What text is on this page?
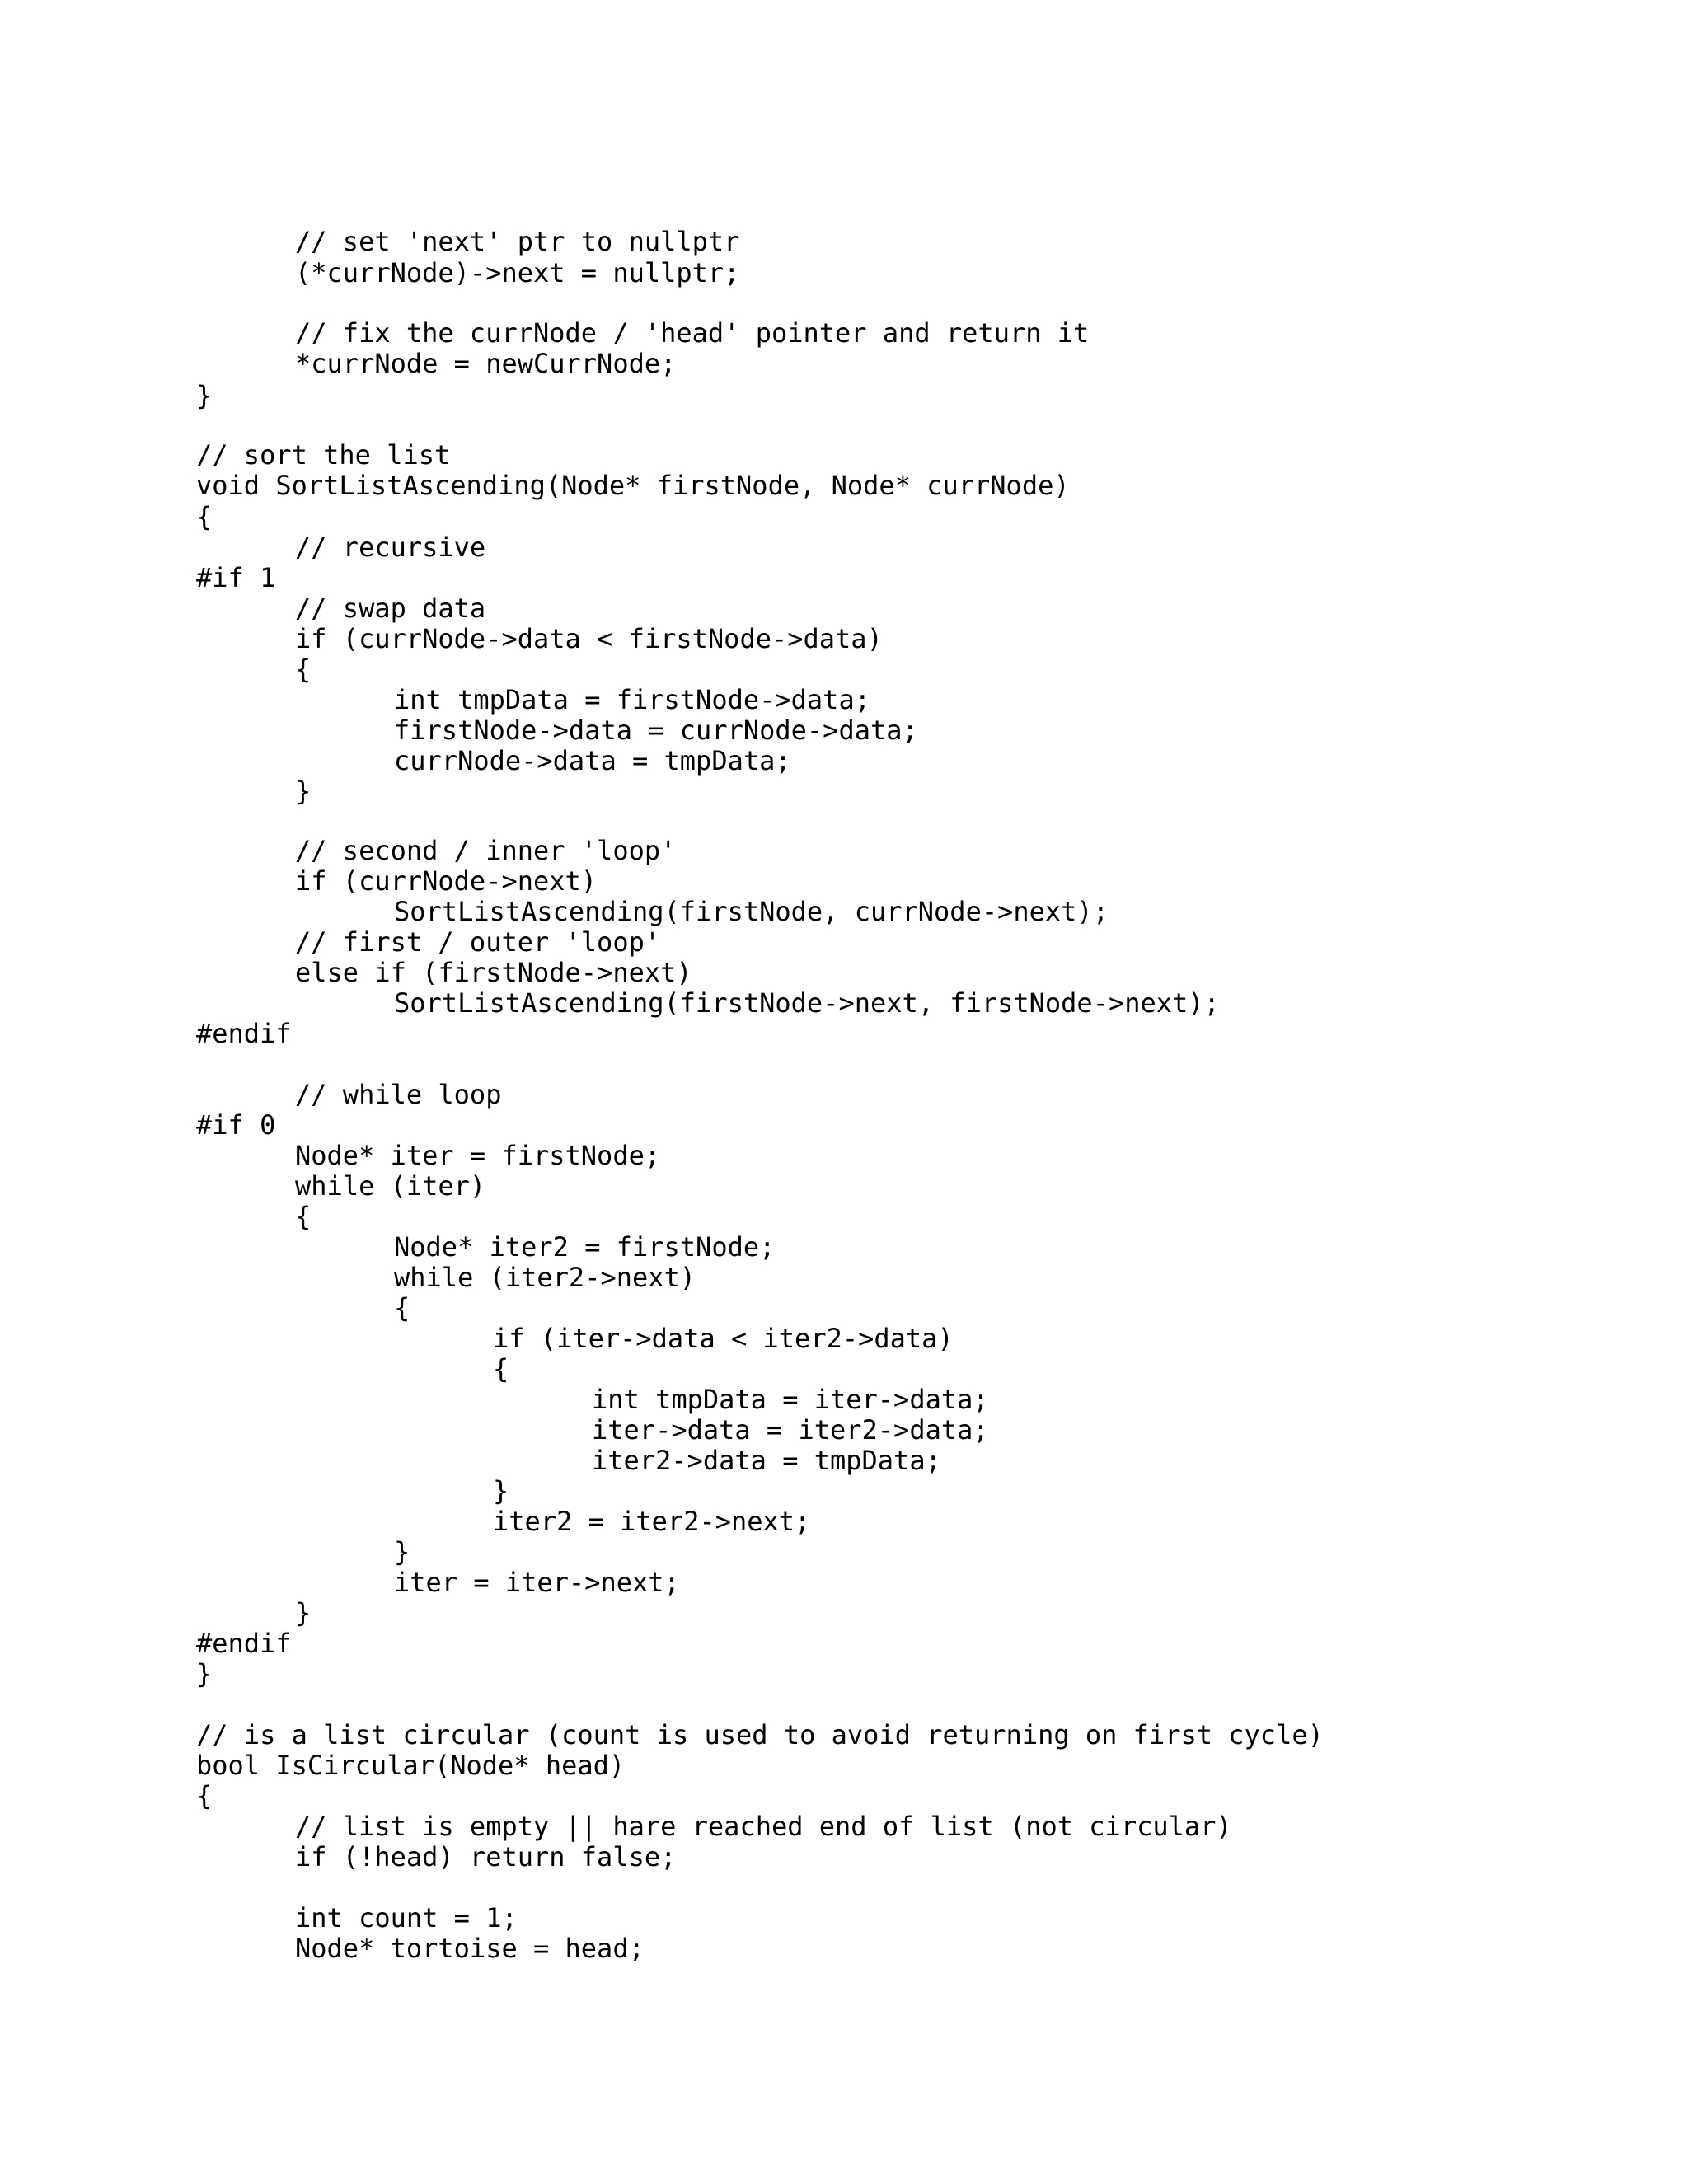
// set 'next' ptr to nullptr
(*currNode)->next = nullptr;
// fix the currNode / 'head' pointer and return it
*currNode = newCurrNode;
}
// sort the list
void SortListAscending(Node* firstNode, Node* currNode)
{
// recursive
#if 1
// swap data
if (currNode->data < firstNode->data)
{
int tmpData = firstNode->data;
firstNode->data = currNode->data;
currNode->data = tmpData;
}
// second / inner 'loop'
if (currNode->next)
SortListAscending(firstNode, currNode->next);
// first / outer 'loop'
else if (firstNode->next)
SortListAscending(firstNode->next, firstNode->next);
#endif
// while loop
#if 0
Node* iter = firstNode;
while (iter)
{
Node* iter2 = firstNode;
while (iter2->next)
{
if (iter->data < iter2->data)
{
int tmpData = iter->data;
iter->data = iter2->data;
iter2->data = tmpData;
}
iter2 = iter2->next;
}
iter = iter->next;
}
#endif
}
// is a list circular (count is used to avoid returning on first cycle)
bool IsCircular(Node* head)
{
// list is empty || hare reached end of list (not circular)
if (!head) return false;
int count = 1;
Node* tortoise = head;
